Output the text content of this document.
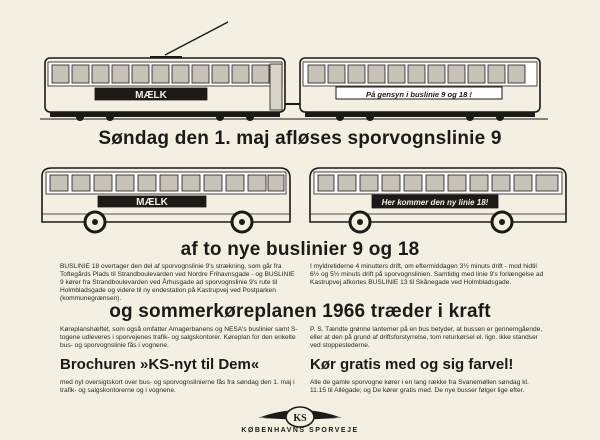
MÆLK	På gensyn i buslinie 9 og 18 !
MÆLK	Her kommer den ny linie 18!
KS
Søndag den 1. maj afløses sporvognslinie 9
af to nye buslinier 9 og 18
BUSLINIE 18 overtager den del af sporvognslinie 9's strækning, som går fra Toftegårds Plads til Strandboulevarden ved Nordre Frihavnsgade - og BUSLINIE 9 kører fra Strandboulevarden ved Århusgade ad sporvognslinie 9's rute til Holmbladsgade og videre til ny endestation på Kastrupvej ved Postparken (kommunegrænsen).
I myldretiderne 4 minutters drift, om eftermiddagen 3½ minuts drift - mod hidtil 6½ og 5½ minuts drift på sporvognslinien. Samtidig med linie 9's forlængelse ad Kastrupvej afkortes BUSLINIE 13 til Skånegade ved Holmbladsgade.
og sommerkøreplanen 1966 træder i kraft
Køreplanshæftet, som også omfatter Amagerbanens og NESA's buslinier samt S-togene udleveres i sporvejenes trafik- og salgskontorer. Køreplan for den enkelte bus- og sporvognslinie fås i vognene.
P. S. Tændte grønne lanterner på en bus betyder, at bussen er gennemgående, eller at den på grund af driftsforstyrrelse, tom returkørsel el. lign. ikke standser ved stoppestederne.
Brochuren »KS-nyt til Dem«	Kør gratis med og sig farvel!
med nyt oversigtskort over bus- og sporvognslinierne fås fra søndag den 1. maj i trafik- og salgskontorerne og i vognene.
Alle de gamle sporvogne kører i en lang række fra Svanemøllen søndag kl. 11.15 til Allégade; og De kører gratis med. De nye busser følger lige efter.
KØBENHAVNS SPORVEJE
